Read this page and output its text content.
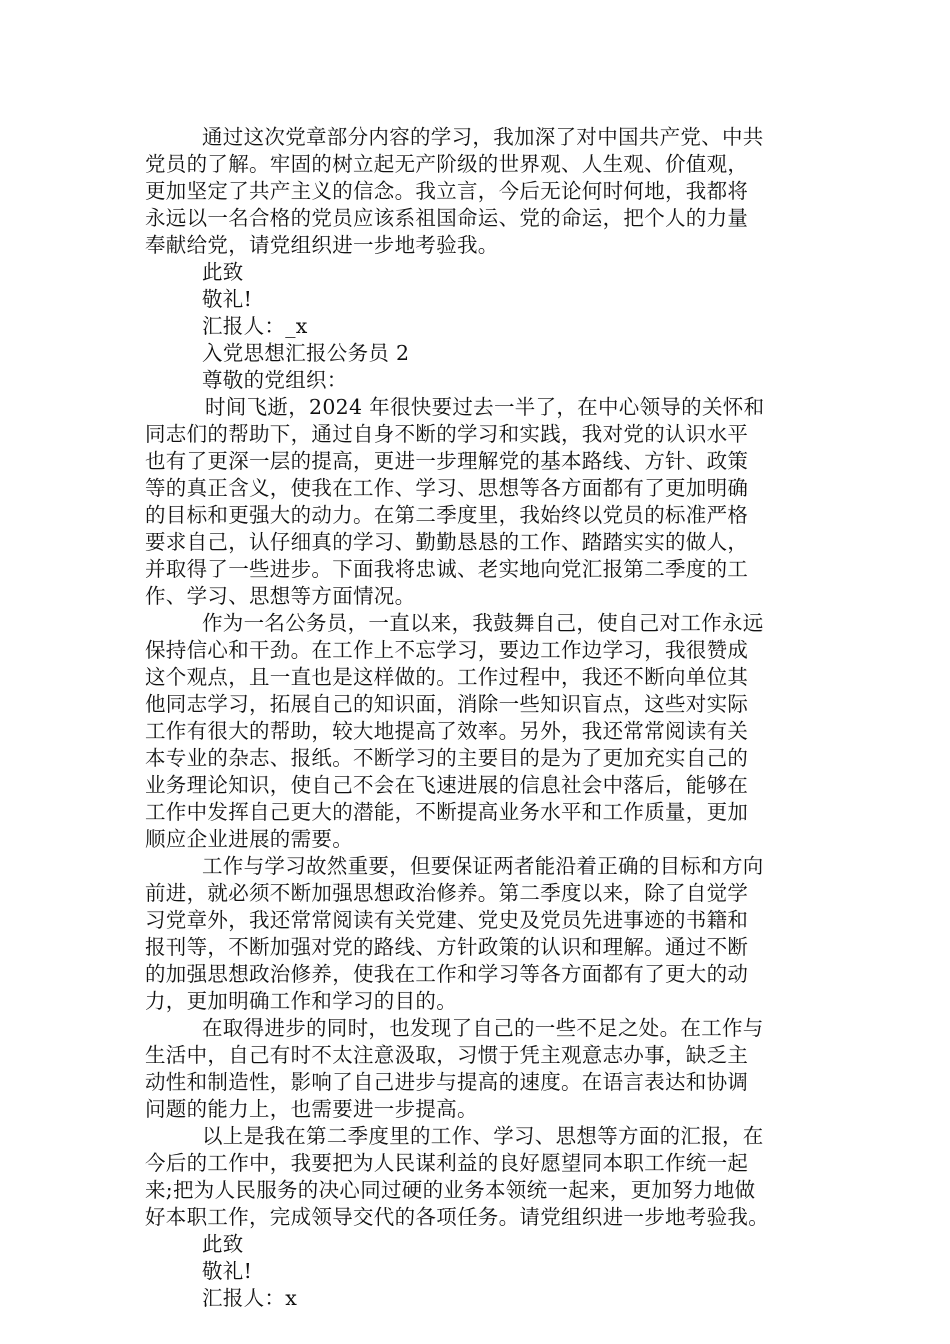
通过这次党章部分内容的学习，我加深了对中国共产党、中共
党员的了解。牢固的树立起无产阶级的世界观、人生观、价值观，
更加坚定了共产主义的信念。我立言，今后无论何时何地，我都将
永远以一名合格的党员应该系祖国命运、党的命运，把个人的力量
奉献给党，请党组织进一步地考验我。
此致
敬礼!
汇报人：_x
入党思想汇报公务员 2
尊敬的党组织：
时间飞逝，2024 年很快要过去一半了，在中心领导的关怀和
同志们的帮助下，通过自身不断的学习和实践，我对党的认识水平
也有了更深一层的提高，更进一步理解党的基本路线、方针、政策
等的真正含义，使我在工作、学习、思想等各方面都有了更加明确
的目标和更强大的动力。在第二季度里，我始终以党员的标准严格
要求自己，认仔细真的学习、勤勤恳恳的工作、踏踏实实的做人，
并取得了一些进步。下面我将忠诚、老实地向党汇报第二季度的工
作、学习、思想等方面情况。
作为一名公务员，一直以来，我鼓舞自己，使自己对工作永远
保持信心和干劲。在工作上不忘学习，要边工作边学习，我很赞成
这个观点，且一直也是这样做的。工作过程中，我还不断向单位其
他同志学习，拓展自己的知识面，消除一些知识盲点，这些对实际
工作有很大的帮助，较大地提高了效率。另外，我还常常阅读有关
本专业的杂志、报纸。不断学习的主要目的是为了更加充实自己的
业务理论知识，使自己不会在飞速进展的信息社会中落后，能够在
工作中发挥自己更大的潜能，不断提高业务水平和工作质量，更加
顺应企业进展的需要。
工作与学习故然重要，但要保证两者能沿着正确的目标和方向
前进，就必须不断加强思想政治修养。第二季度以来，除了自觉学
习党章外，我还常常阅读有关党建、党史及党员先进事迹的书籍和
报刊等，不断加强对党的路线、方针政策的认识和理解。通过不断
的加强思想政治修养，使我在工作和学习等各方面都有了更大的动
力，更加明确工作和学习的目的。
在取得进步的同时，也发现了自己的一些不足之处。在工作与
生活中，自己有时不太注意汲取，习惯于凭主观意志办事，缺乏主
动性和制造性，影响了自己进步与提高的速度。在语言表达和协调
问题的能力上，也需要进一步提高。
以上是我在第二季度里的工作、学习、思想等方面的汇报，在
今后的工作中，我要把为人民谋利益的良好愿望同本职工作统一起
来;把为人民服务的决心同过硬的业务本领统一起来，更加努力地做
好本职工作，完成领导交代的各项任务。请党组织进一步地考验我。
此致
敬礼!
汇报人：x
